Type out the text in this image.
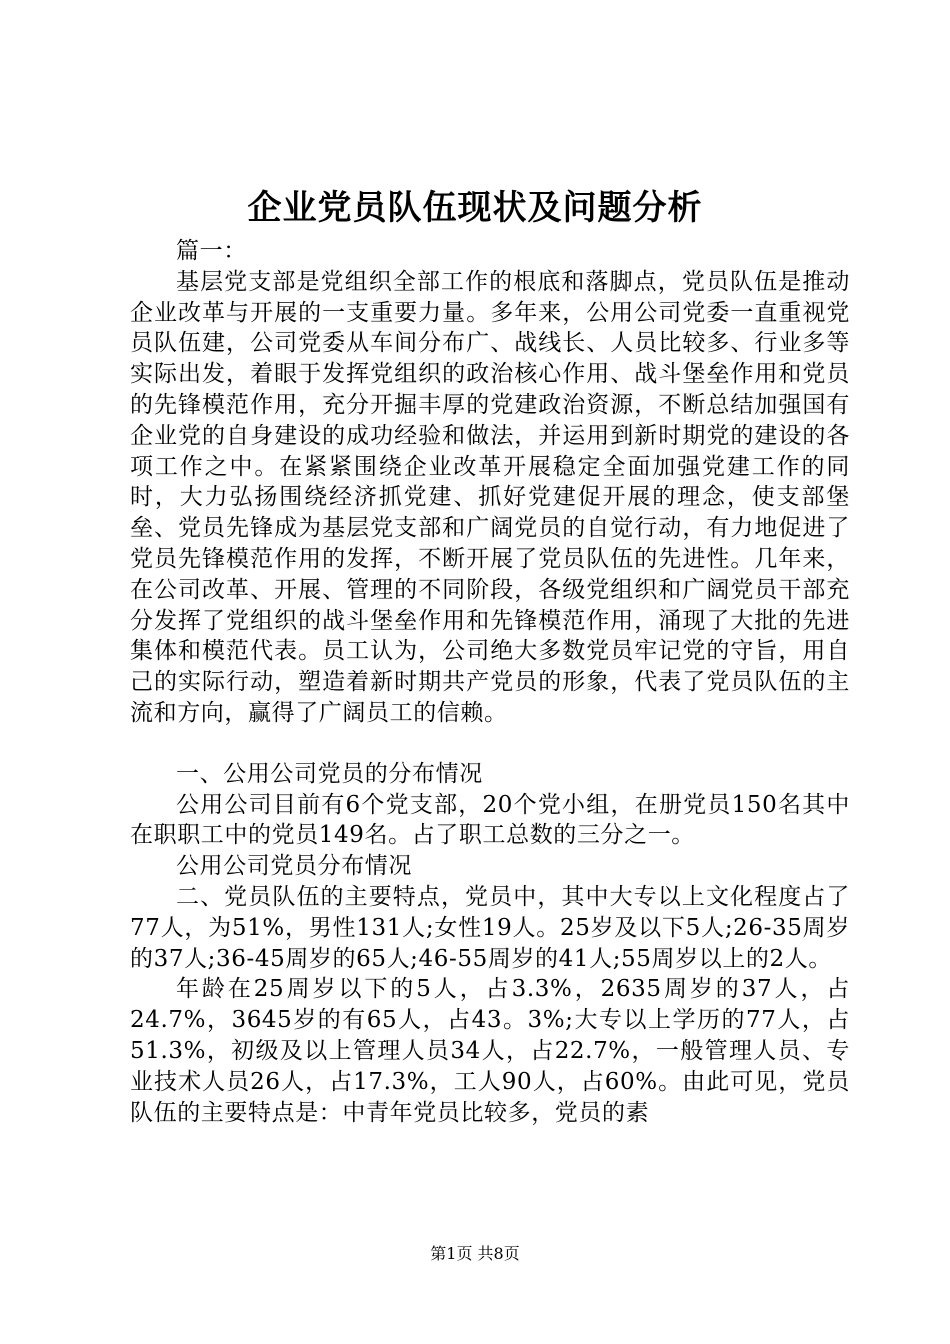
企业党员队伍现状及问题分析

篇一：

基层党支部是党组织全部工作的根底和落脚点，党员队伍是推动企业改革与开展的一支重要力量。多年来，公用公司党委一直重视党员队伍建，公司党委从车间分布广、战线长、人员比较多、行业多等实际出发，着眼于发挥党组织的政治核心作用、战斗堡垒作用和党员的先锋模范作用，充分开掘丰厚的党建政治资源，不断总结加强国有企业党的自身建设的成功经验和做法，并运用到新时期党的建设的各项工作之中。在紧紧围绕企业改革开展稳定全面加强党建工作的同时，大力弘扬围绕经济抓党建、抓好党建促开展的理念，使支部堡垒、党员先锋成为基层党支部和广阔党员的自觉行动，有力地促进了党员先锋模范作用的发挥，不断开展了党员队伍的先进性。几年来，在公司改革、开展、管理的不同阶段，各级党组织和广阔党员干部充分发挥了党组织的战斗堡垒作用和先锋模范作用，涌现了大批的先进集体和模范代表。员工认为，公司绝大多数党员牢记党的守旨，用自己的实际行动，塑造着新时期共产党员的形象，代表了党员队伍的主流和方向，赢得了广阔员工的信赖。

一、公用公司党员的分布情况

公用公司目前有6个党支部，20个党小组，在册党员150名其中在职职工中的党员149名。占了职工总数的三分之一。

公用公司党员分布情况

二、党员队伍的主要特点，党员中，其中大专以上文化程度占了77人，为51%，男性131人;女性19人。25岁及以下5人;26-35周岁的37人;36-45周岁的65人;46-55周岁的41人;55周岁以上的2人。

年龄在25周岁以下的5人，占3.3%，2635周岁的37人，占24.7%，3645岁的有65人，占43。3%;大专以上学历的77人，占51.3%，初级及以上管理人员34人，占22.7%，一般管理人员、专业技术人员26人，占17.3%，工人90人，占60%。由此可见，党员队伍的主要特点是：中青年党员比较多，党员的素

第1页 共8页
